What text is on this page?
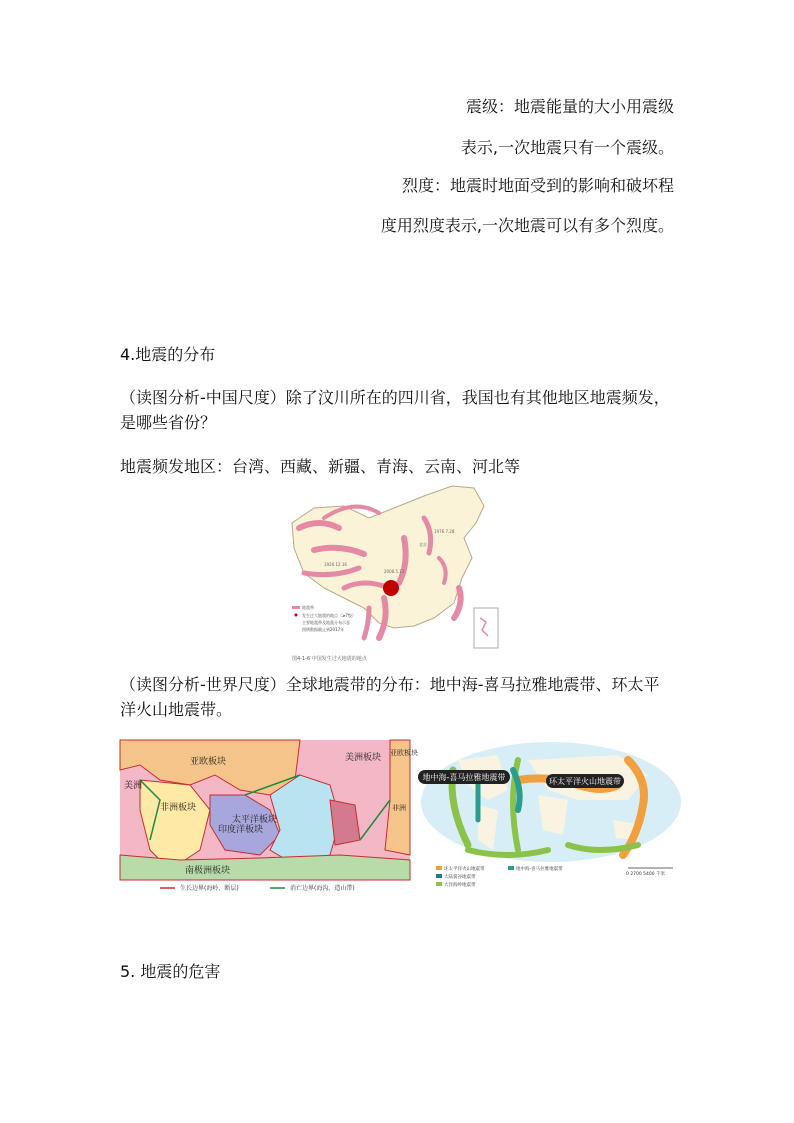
震级：地震能量的大小用震级
表示,一次地震只有一个震级。
烈度：地震时地面受到的影响和破坏程
度用烈度表示,一次地震可以有多个烈度。
4.地震的分布
（读图分析-中国尺度）除了汶川所在的四川省，我国也有其他地区地震频发，
是哪些省份？
地震频发地区：台湾、西藏、新疆、青海、云南、河北等
北京
1976.7.28
1920.12.16
2008.5.12
地震带
发生过大地震的地点（≥7级）
主要地震带及地震分布示意
图例数据截止到2017年
图4-1-6 中国发生过大地震的地点
（读图分析-世界尺度）全球地震带的分布：地中海-喜马拉雅地震带、环太平
洋火山地震带。
亚欧板块	美洲板块
美洲
非洲板块
太平洋板块
印度洋板块
南极洲板块
亚欧板块
非洲
生长边界(海岭、断层)	消亡边界(海沟、造山带)
地中海-喜马拉雅地震带	环太平洋火山地震带
环太平洋火山地震带	地中海-喜马拉雅地震带
大陆裂谷地震带
大洋海岭地震带
0 2700 5400 千米
5. 地震的危害
